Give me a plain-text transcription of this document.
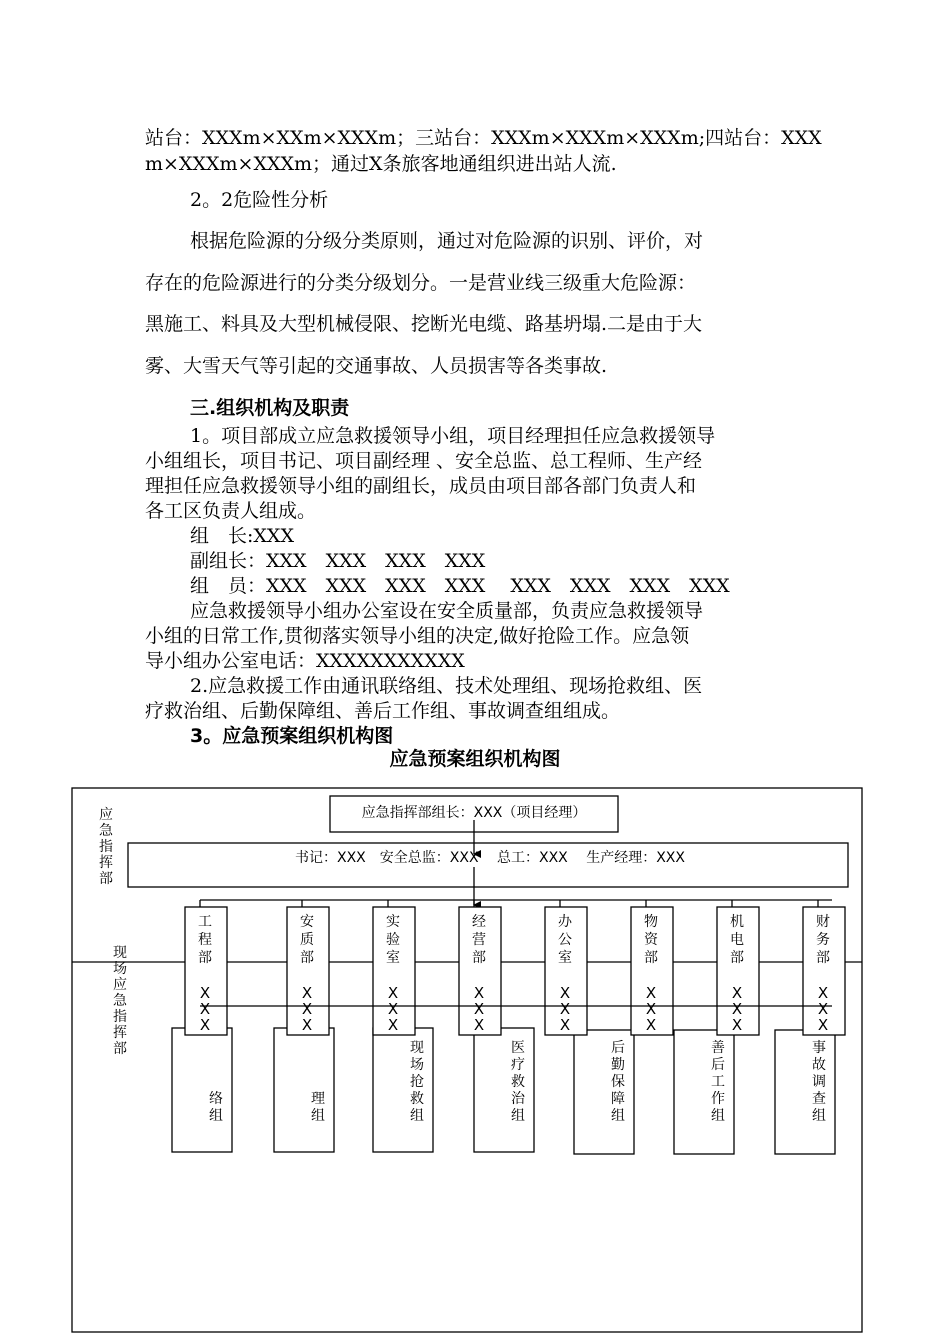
站台：XXXm×XXm×XXXm；三站台：XXXm×XXXm×XXXm;四站台：XXX
m×XXXm×XXXm；通过X条旅客地通组织进出站人流.
2。2危险性分析
根据危险源的分级分类原则，通过对危险源的识别、评价，对
存在的危险源进行的分类分级划分。一是营业线三级重大危险源：
黑施工、料具及大型机械侵限、挖断光电缆、路基坍塌.二是由于大
雾、大雪天气等引起的交通事故、人员损害等各类事故.
三.组织机构及职责
1。项目部成立应急救援领导小组，项目经理担任应急救援领导
小组组长，项目书记、项目副经理 、安全总监、总工程师、生产经
理担任应急救援领导小组的副组长，成员由项目部各部门负责人和
各工区负责人组成。
组　长:XXX
副组长：XXX　XXX　XXX　XXX
组　员：XXX　XXX　XXX　XXX　 XXX　XXX　XXX　XXX
应急救援领导小组办公室设在安全质量部，负责应急救援领导
小组的日常工作,贯彻落实领导小组的决定,做好抢险工作。应急领
导小组办公室电话：XXXXXXXXXXX
2.应急救援工作由通讯联络组、技术处理组、现场抢救组、医
疗救治组、后勤保障组、善后工作组、事故调查组组成。
3。应急预案组织机构图
应急预案组织机构图
应
急
指
挥
部
现
场
应
急
指
挥
部
应急指挥部组长：XXX（项目经理）
书记：XXX　安全总监：XXX　 总工：XXX　 生产经理：XXX
络
组
理
组
现
场
抢
救
组
医
疗
救
治
组
后
勤
保
障
组
善
后
工
作
组
事
故
调
查
组
工
程
部
X
X
X
安
质
部
X
X
X
实
验
室
X
X
X
经
营
部
X
X
X
办
公
室
X
X
X
物
资
部
X
X
X
机
电
部
X
X
X
财
务
部
X
X
X
